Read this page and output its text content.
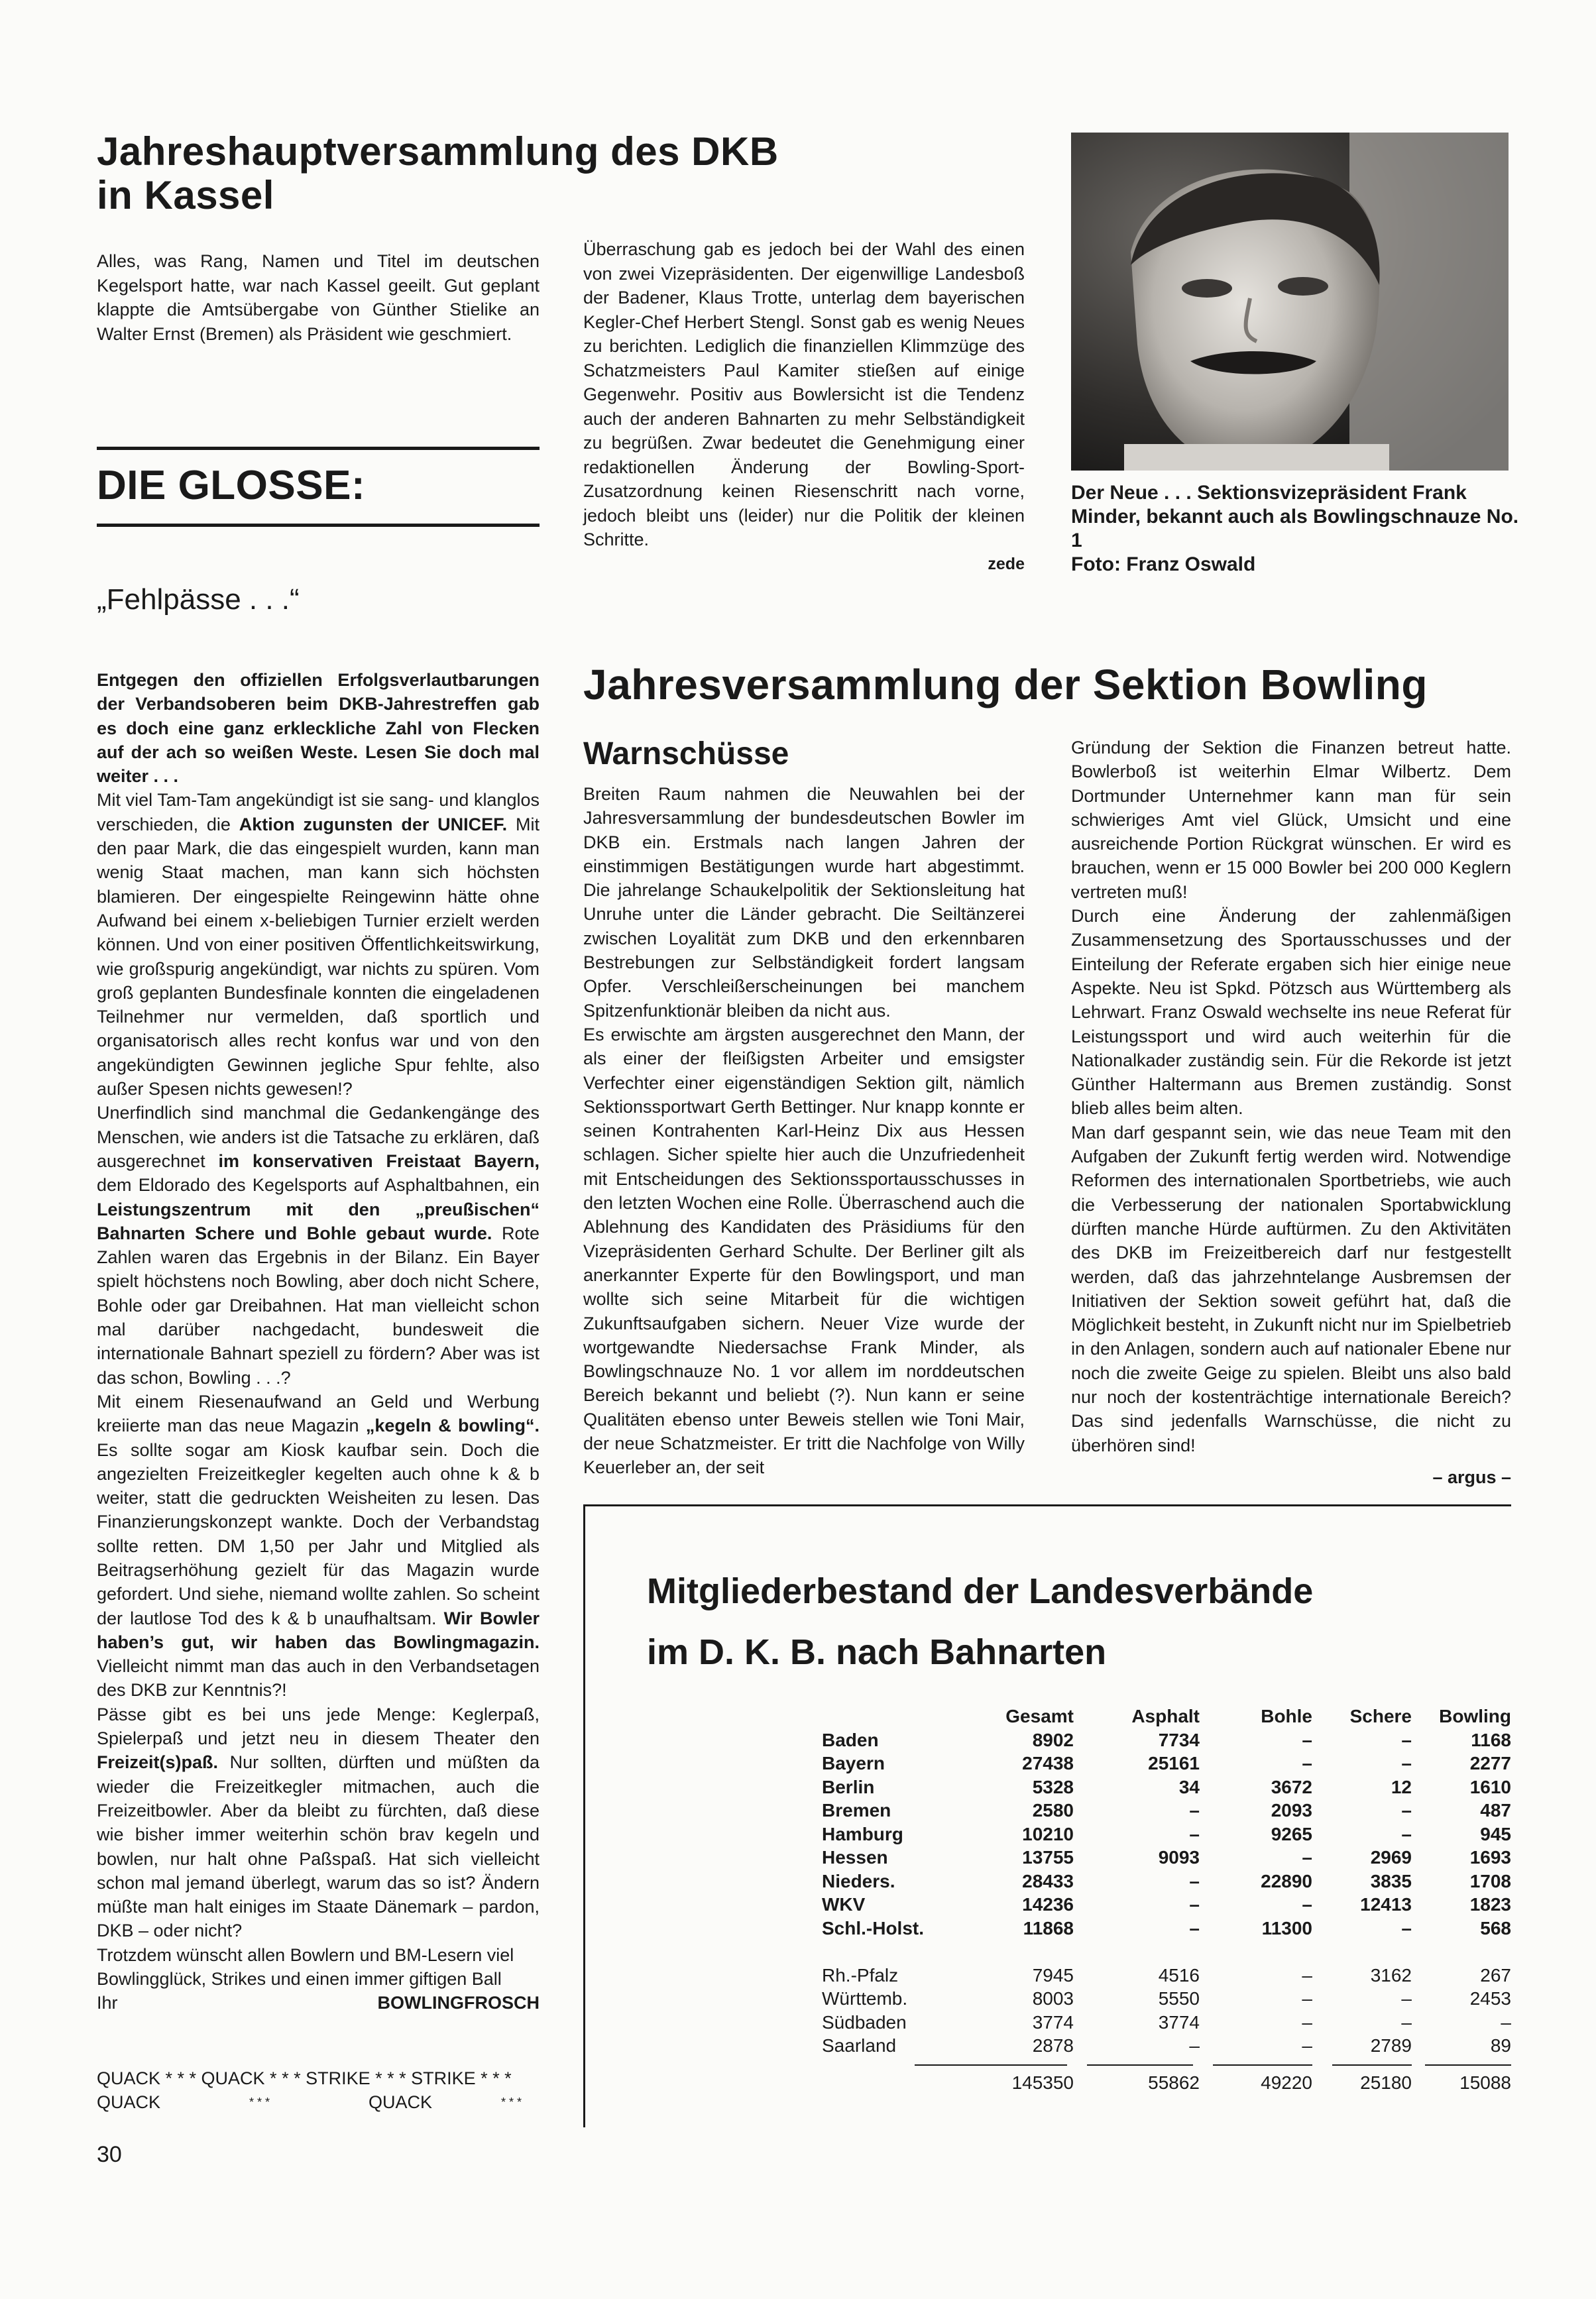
Jahreshauptversammlung des DKB
in Kassel
Alles, was Rang, Namen und Titel im deutschen Kegelsport hatte, war nach Kassel geeilt. Gut geplant klappte die Amtsübergabe von Günther Stielike an Walter Ernst (Bremen) als Präsident wie geschmiert.

Überraschung gab es jedoch bei der Wahl des einen von zwei Vizepräsidenten. Der eigenwillige Landesboß der Badener, Klaus Trotte, unterlag dem bayerischen Kegler-Chef Herbert Stengl. Sonst gab es wenig Neues zu berichten. Lediglich die finanziellen Klimmzüge des Schatzmeisters Paul Kamiter stießen auf einige Gegenwehr. Positiv aus Bowlersicht ist die Tendenz auch der anderen Bahnarten zu mehr Selbständigkeit zu begrüßen. Zwar bedeutet die Genehmigung einer redaktionellen Änderung der Bowling-Sport-Zusatzordnung keinen Riesenschritt nach vorne, jedoch bleibt uns (leider) nur die Politik der kleinen Schritte.

zede

Der Neue . . . Sektionsvizepräsident Frank Minder, bekannt auch als Bowlingschnauze No. 1
Foto: Franz Oswald
DIE GLOSSE:
„Fehlpässe . . .“

Entgegen den offiziellen Erfolgsverlautbarungen der Verbandsoberen beim DKB-Jahrestreffen gab es doch eine ganz erkleckliche Zahl von Flecken auf der ach so weißen Weste. Lesen Sie doch mal weiter . . .

Mit viel Tam-Tam angekündigt ist sie sang- und klanglos verschieden, die Aktion zugunsten der UNICEF. Mit den paar Mark, die das eingespielt wurden, kann man wenig Staat machen, man kann sich höchsten blamieren. Der eingespielte Reingewinn hätte ohne Aufwand bei einem x-beliebigen Turnier erzielt werden können. Und von einer positiven Öffentlichkeitswirkung, wie großspurig angekündigt, war nichts zu spüren. Vom groß geplanten Bundesfinale konnten die eingeladenen Teilnehmer nur vermelden, daß sportlich und organisatorisch alles recht konfus war und von den angekündigten Gewinnen jegliche Spur fehlte, also außer Spesen nichts gewesen!?

Unerfindlich sind manchmal die Gedankengänge des Menschen, wie anders ist die Tatsache zu erklären, daß ausgerechnet im konservativen Freistaat Bayern, dem Eldorado des Kegelsports auf Asphaltbahnen, ein Leistungszentrum mit den „preußischen“ Bahnarten Schere und Bohle gebaut wurde. Rote Zahlen waren das Ergebnis in der Bilanz. Ein Bayer spielt höchstens noch Bowling, aber doch nicht Schere, Bohle oder gar Dreibahnen. Hat man vielleicht schon mal darüber nachgedacht, bundesweit die internationale Bahnart speziell zu fördern? Aber was ist das schon, Bowling . . .?

Mit einem Riesenaufwand an Geld und Werbung kreiierte man das neue Magazin „kegeln & bowling“. Es sollte sogar am Kiosk kaufbar sein. Doch die angezielten Freizeitkegler kegelten auch ohne k & b weiter, statt die gedruckten Weisheiten zu lesen. Das Finanzierungskonzept wankte. Doch der Verbandstag sollte retten. DM 1,50 per Jahr und Mitglied als Beitragserhöhung gezielt für das Magazin wurde gefordert. Und siehe, niemand wollte zahlen. So scheint der lautlose Tod des k & b unaufhaltsam. Wir Bowler haben’s gut, wir haben das Bowlingmagazin. Vielleicht nimmt man das auch in den Verbandsetagen des DKB zur Kenntnis?!

Pässe gibt es bei uns jede Menge: Keglerpaß, Spielerpaß und jetzt neu in diesem Theater den Freizeit(s)paß. Nur sollten, dürften und müßten da wieder die Freizeitkegler mitmachen, auch die Freizeitbowler. Aber da bleibt zu fürchten, daß diese wie bisher immer weiterhin schön brav kegeln und bowlen, nur halt ohne Paßspaß. Hat sich vielleicht schon mal jemand überlegt, warum das so ist? Ändern müßte man halt einiges im Staate Dänemark – pardon, DKB – oder nicht?

Trotzdem wünscht allen Bowlern und BM-Lesern viel Bowlingglück, Strikes und einen immer giftigen Ball

Ihr	BOWLINGFROSCH
QUACK * * * QUACK * * * STRIKE * * * STRIKE * * *
QUACK	* * *	QUACK	* * *
30
Jahresversammlung der Sektion Bowling
Warnschüsse

Breiten Raum nahmen die Neuwahlen bei der Jahresversammlung der bundesdeutschen Bowler im DKB ein. Erstmals nach langen Jahren der einstimmigen Bestätigungen wurde hart abgestimmt. Die jahrelange Schaukelpolitik der Sektionsleitung hat Unruhe unter die Länder gebracht. Die Seiltänzerei zwischen Loyalität zum DKB und den erkennbaren Bestrebungen zur Selbständigkeit fordert langsam Opfer. Verschleißerscheinungen bei manchem Spitzenfunktionär bleiben da nicht aus.

Es erwischte am ärgsten ausgerechnet den Mann, der als einer der fleißigsten Arbeiter und emsigster Verfechter einer eigenständigen Sektion gilt, nämlich Sektionssportwart Gerth Bettinger. Nur knapp konnte er seinen Kontrahenten Karl-Heinz Dix aus Hessen schlagen. Sicher spielte hier auch die Unzufriedenheit mit Entscheidungen des Sektionssportausschusses in den letzten Wochen eine Rolle. Überraschend auch die Ablehnung des Kandidaten des Präsidiums für den Vizepräsidenten Gerhard Schulte. Der Berliner gilt als anerkannter Experte für den Bowlingsport, und man wollte sich seine Mitarbeit für die wichtigen Zukunftsaufgaben sichern. Neuer Vize wurde der wortgewandte Niedersachse Frank Minder, als Bowlingschnauze No. 1 vor allem im norddeutschen Bereich bekannt und beliebt (?). Nun kann er seine Qualitäten ebenso unter Beweis stellen wie Toni Mair, der neue Schatzmeister. Er tritt die Nachfolge von Willy Keuerleber an, der seit

Gründung der Sektion die Finanzen betreut hatte. Bowlerboß ist weiterhin Elmar Wilbertz. Dem Dortmunder Unternehmer kann man für sein schwieriges Amt viel Glück, Umsicht und eine ausreichende Portion Rückgrat wünschen. Er wird es brauchen, wenn er 15 000 Bowler bei 200 000 Keglern vertreten muß!

Durch eine Änderung der zahlenmäßigen Zusammensetzung des Sportausschusses und der Einteilung der Referate ergaben sich hier einige neue Aspekte. Neu ist Spkd. Pötzsch aus Württemberg als Lehrwart. Franz Oswald wechselte ins neue Referat für Leistungssport und wird auch weiterhin für die Nationalkader zuständig sein. Für die Rekorde ist jetzt Günther Haltermann aus Bremen zuständig. Sonst blieb alles beim alten.

Man darf gespannt sein, wie das neue Team mit den Aufgaben der Zukunft fertig werden wird. Notwendige Reformen des internationalen Sportbetriebs, wie auch die Verbesserung der nationalen Sportabwicklung dürften manche Hürde auftürmen. Zu den Aktivitäten des DKB im Freizeitbereich darf nur festgestellt werden, daß das jahrzehntelange Ausbremsen der Initiativen der Sektion soweit geführt hat, daß die Möglichkeit besteht, in Zukunft nicht nur im Spielbetrieb in den Anlagen, sondern auch auf nationaler Ebene nur noch die zweite Geige zu spielen. Bleibt uns also bald nur noch der kostenträchtige internationale Bereich? Das sind jedenfalls Warnschüsse, die nicht zu überhören sind!

– argus –

Mitgliederbestand der Landesverbände
im D. K. B. nach Bahnarten
	Gesamt	Asphalt	Bohle	Schere	Bowling
Baden	8902	7734	–	–	1168
Bayern	27438	25161	–	–	2277
Berlin	5328	34	3672	12	1610
Bremen	2580	–	2093	–	487
Hamburg	10210	–	9265	–	945
Hessen	13755	9093	–	2969	1693
Nieders.	28433	–	22890	3835	1708
WKV	14236	–	–	12413	1823
Schl.-Holst.	11868	–	11300	–	568

Rh.-Pfalz	7945	4516	–	3162	267
Württemb.	8003	5550	–	–	2453
Südbaden	3774	3774	–	–	–
Saarland	2878	–	–	2789	89
	145350	55862	49220	25180	15088
